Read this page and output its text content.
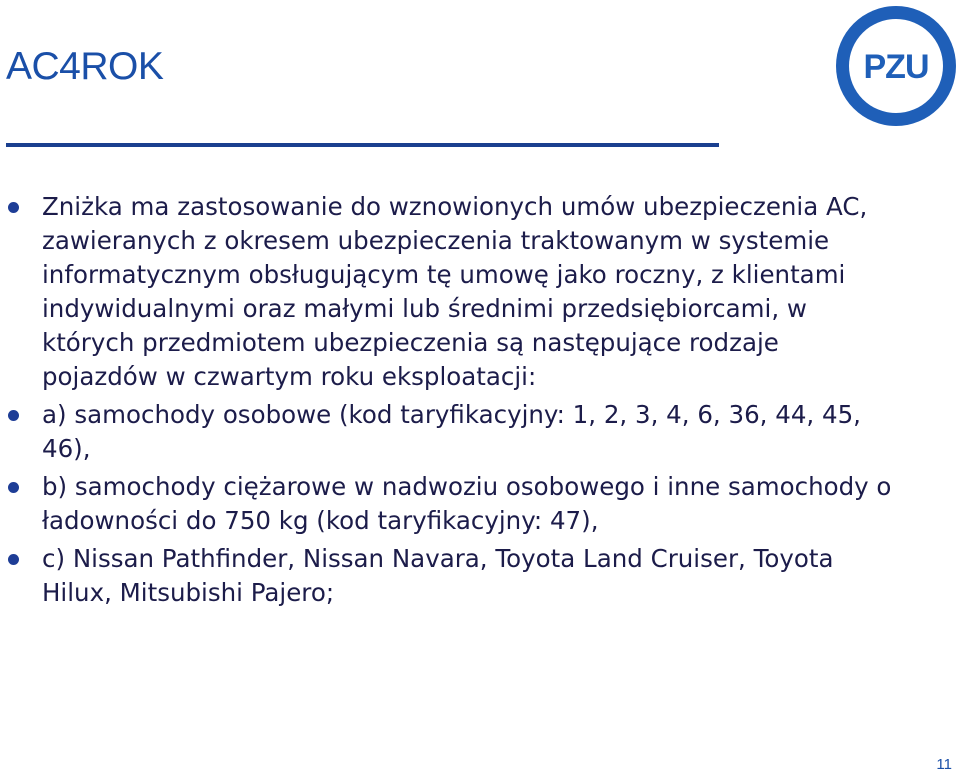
AC4ROK	PZU
Zniżka ma zastosowanie do wznowionych umów ubezpieczenia AC, zawieranych z okresem ubezpieczenia traktowanym w systemie informatycznym obsługującym tę umowę jako roczny, z klientami indywidualnymi oraz małymi lub średnimi przedsiębiorcami, w których przedmiotem ubezpieczenia są następujące rodzaje pojazdów w czwartym roku eksploatacji:
a) samochody osobowe (kod taryfikacyjny: 1, 2, 3, 4, 6, 36, 44, 45, 46),
b) samochody ciężarowe w nadwoziu osobowego i inne samochody o ładowności do 750 kg (kod taryfikacyjny: 47),
c) Nissan Pathfinder, Nissan Navara, Toyota Land Cruiser, Toyota Hilux, Mitsubishi Pajero;
11
